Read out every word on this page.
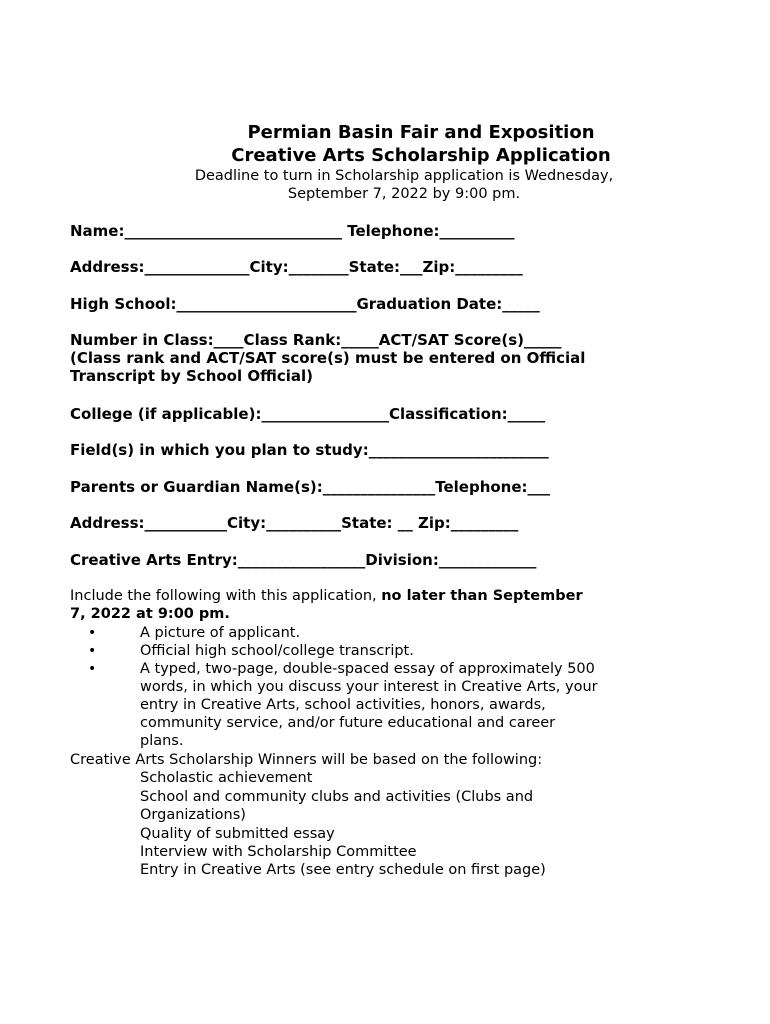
Permian Basin Fair and Exposition
Creative Arts Scholarship Application
Deadline to turn in Scholarship application is Wednesday,
September 7, 2022 by 9:00 pm.
Name:_____________________________ Telephone:__________
Address:______________City:________State:___Zip:_________
High School:________________________Graduation Date:_____
Number in Class:____Class Rank:_____ACT/SAT Score(s)_____
(Class rank and ACT/SAT score(s) must be entered on Official
Transcript by School Official)
College (if applicable):_________________Classification:_____
Field(s) in which you plan to study:________________________
Parents or Guardian Name(s):_______________Telephone:___
Address:___________City:__________State: __ Zip:_________
Creative Arts Entry:_________________Division:_____________
Include the following with this application, no later than September
7, 2022 at 9:00 pm.
•	A picture of applicant.
•	Official high school/college transcript.
•	A typed, two-page, double-spaced essay of approximately 500
words, in which you discuss your interest in Creative Arts, your
entry in Creative Arts, school activities, honors, awards,
community service, and/or future educational and career
plans.
Creative Arts Scholarship Winners will be based on the following:
Scholastic achievement
School and community clubs and activities (Clubs and
Organizations)
Quality of submitted essay
Interview with Scholarship Committee
Entry in Creative Arts (see entry schedule on first page)
